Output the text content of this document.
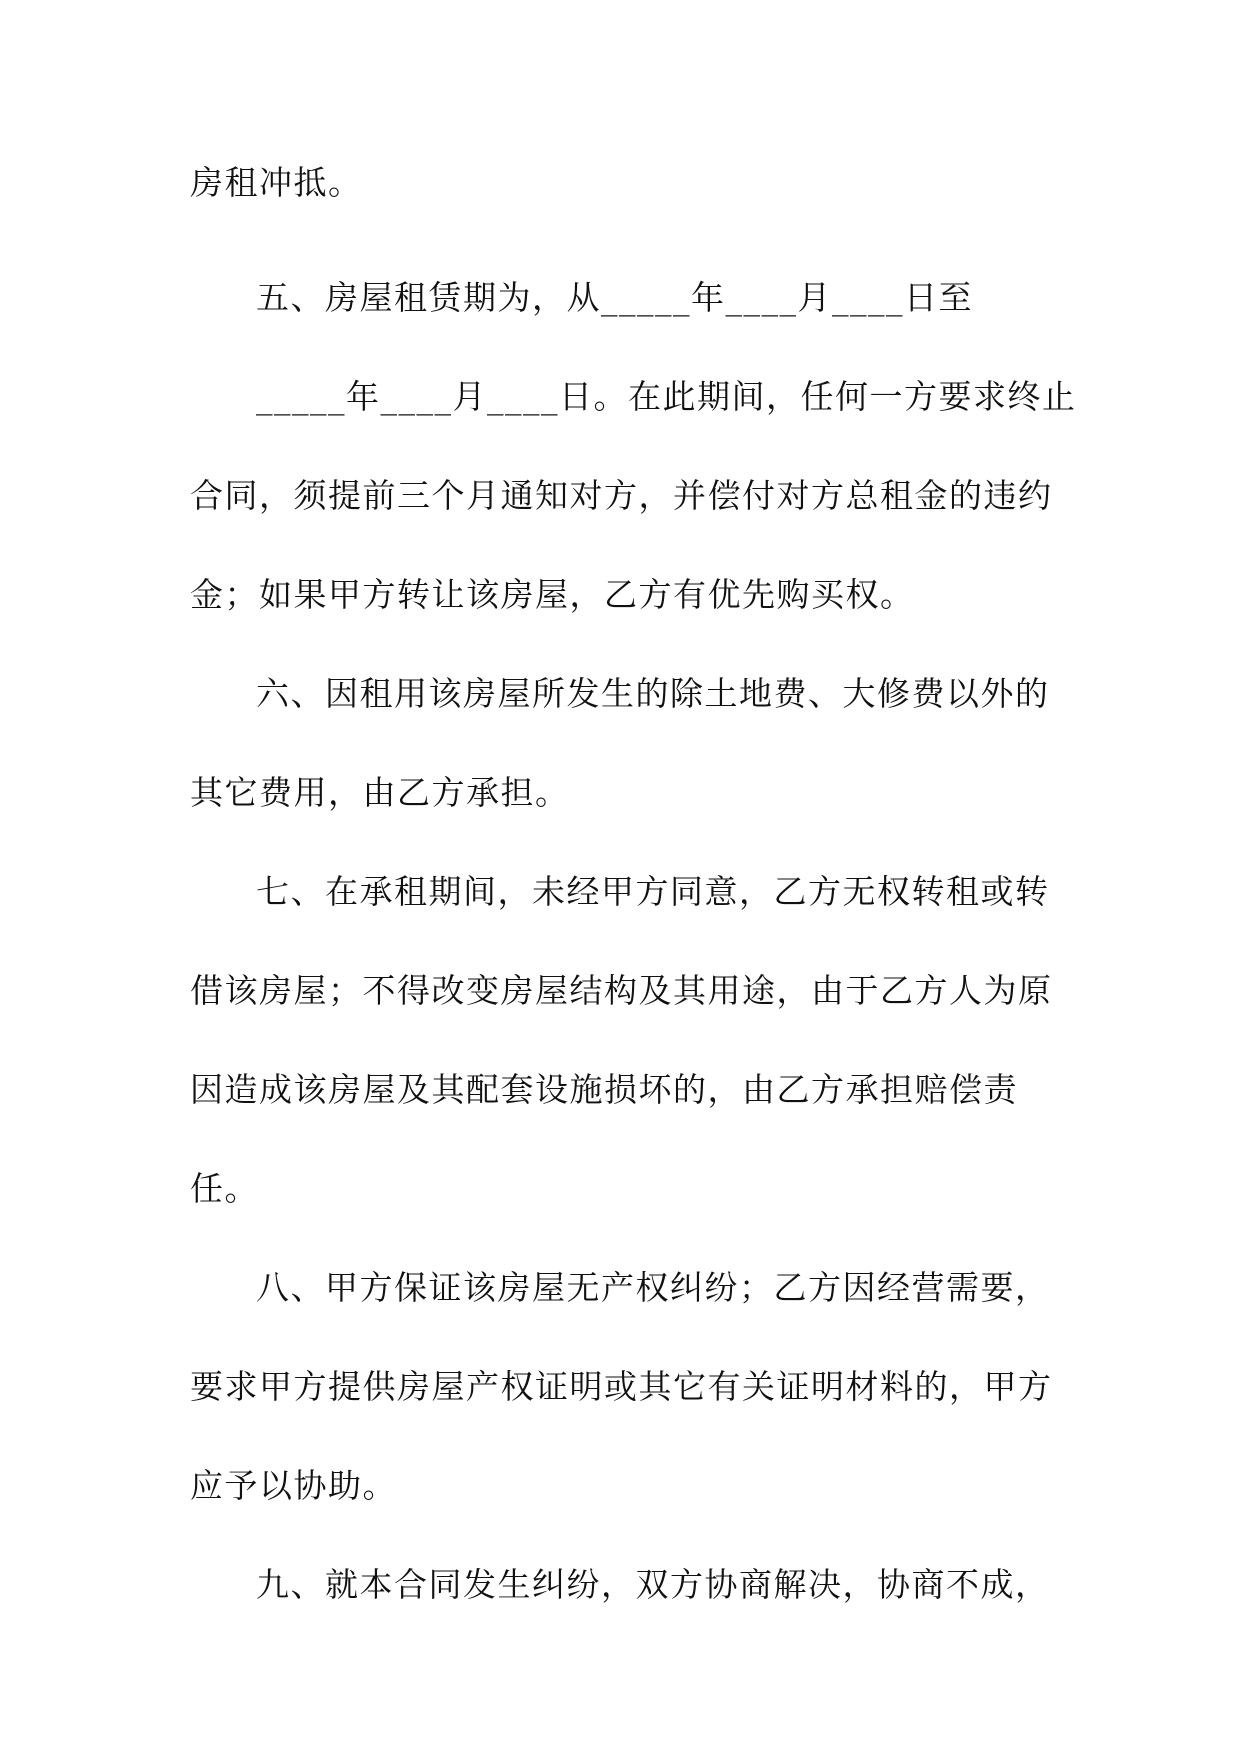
房租冲抵。
五、房屋租赁期为，从_____年____月____日至
_____年____月____日。在此期间，任何一方要求终止
合同，须提前三个月通知对方，并偿付对方总租金的违约
金；如果甲方转让该房屋，乙方有优先购买权。
六、因租用该房屋所发生的除土地费、大修费以外的
其它费用，由乙方承担。
七、在承租期间，未经甲方同意，乙方无权转租或转
借该房屋；不得改变房屋结构及其用途，由于乙方人为原
因造成该房屋及其配套设施损坏的，由乙方承担赔偿责
任。
八、甲方保证该房屋无产权纠纷；乙方因经营需要，
要求甲方提供房屋产权证明或其它有关证明材料的，甲方
应予以协助。
九、就本合同发生纠纷，双方协商解决，协商不成，
